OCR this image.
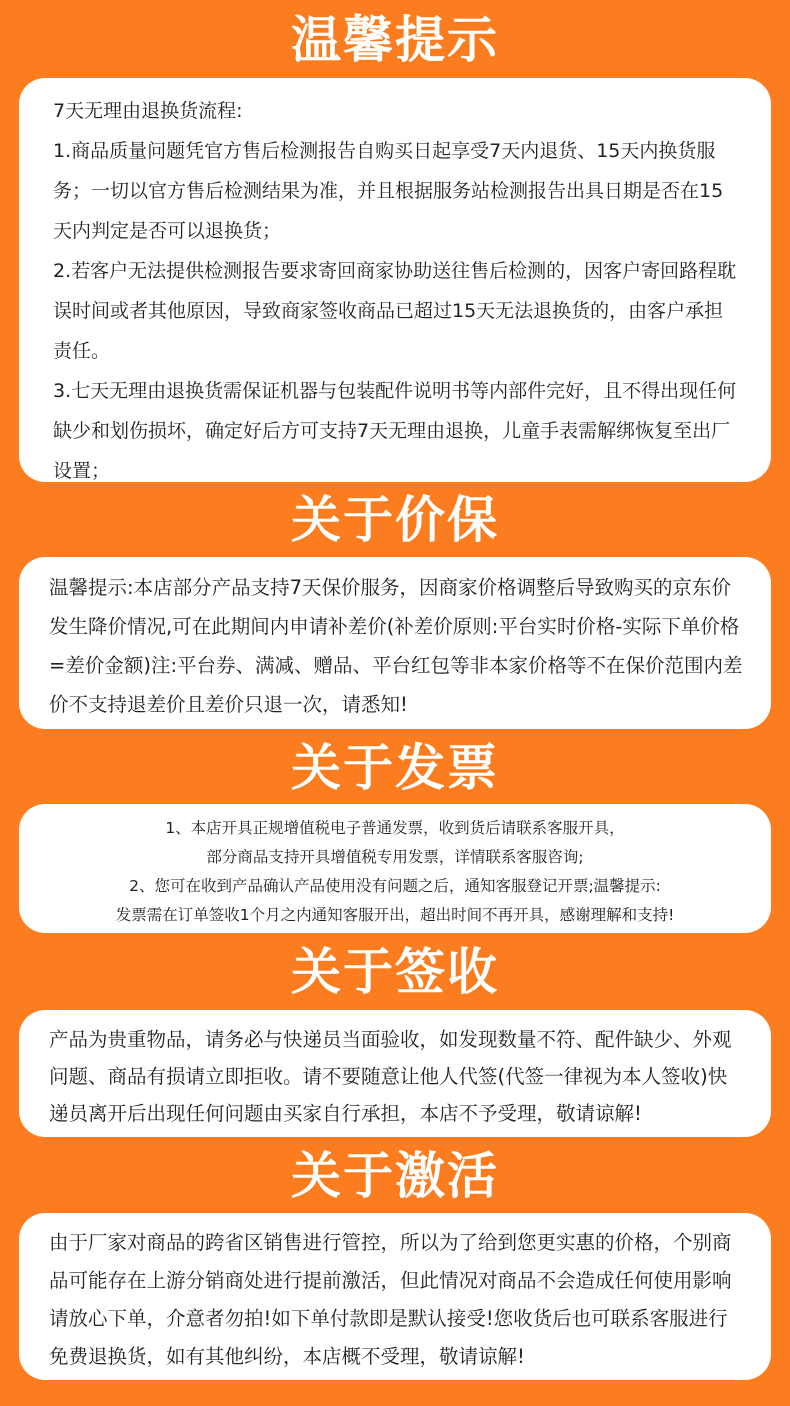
温馨提示

7天无理由退换货流程:

1.商品质量问题凭官方售后检测报告自购买日起享受7天内退货、15天内换货服务；一切以官方售后检测结果为准，并且根据服务站检测报告出具日期是否在15天内判定是否可以退换货；

2.若客户无法提供检测报告要求寄回商家协助送往售后检测的，因客户寄回路程耽误时间或者其他原因，导致商家签收商品已超过15天无法退换货的，由客户承担责任。

3.七天无理由退换货需保证机器与包装配件说明书等内部件完好，且不得出现任何缺少和划伤损坏，确定好后方可支持7天无理由退换，儿童手表需解绑恢复至出厂设置；

关于价保

温馨提示:本店部分产品支持7天保价服务，因商家价格调整后导致购买的京东价发生降价情况,可在此期间内申请补差价(补差价原则:平台实时价格-实际下单价格=差价金额)注:平台券、满减、赠品、平台红包等非本家价格等不在保价范围内差价不支持退差价且差价只退一次，请悉知!

关于发票

1、本店开具正规增值税电子普通发票，收到货后请联系客服开具，

部分商品支持开具增值税专用发票，详情联系客服咨询;

2、您可在收到产品确认产品使用没有问题之后，通知客服登记开票;温馨提示:

发票需在订单签收1个月之内通知客服开出，超出时间不再开具，感谢理解和支持!

关于签收

产品为贵重物品，请务必与快递员当面验收，如发现数量不符、配件缺少、外观问题、商品有损请立即拒收。请不要随意让他人代签(代签一律视为本人签收)快递员离开后出现任何问题由买家自行承担，本店不予受理，敬请谅解!

关于激活

由于厂家对商品的跨省区销售进行管控，所以为了给到您更实惠的价格，个别商品可能存在上游分销商处进行提前激活，但此情况对商品不会造成任何使用影响请放心下单，介意者勿拍!如下单付款即是默认接受!您收货后也可联系客服进行免费退换货，如有其他纠纷，本店概不受理，敬请谅解!
